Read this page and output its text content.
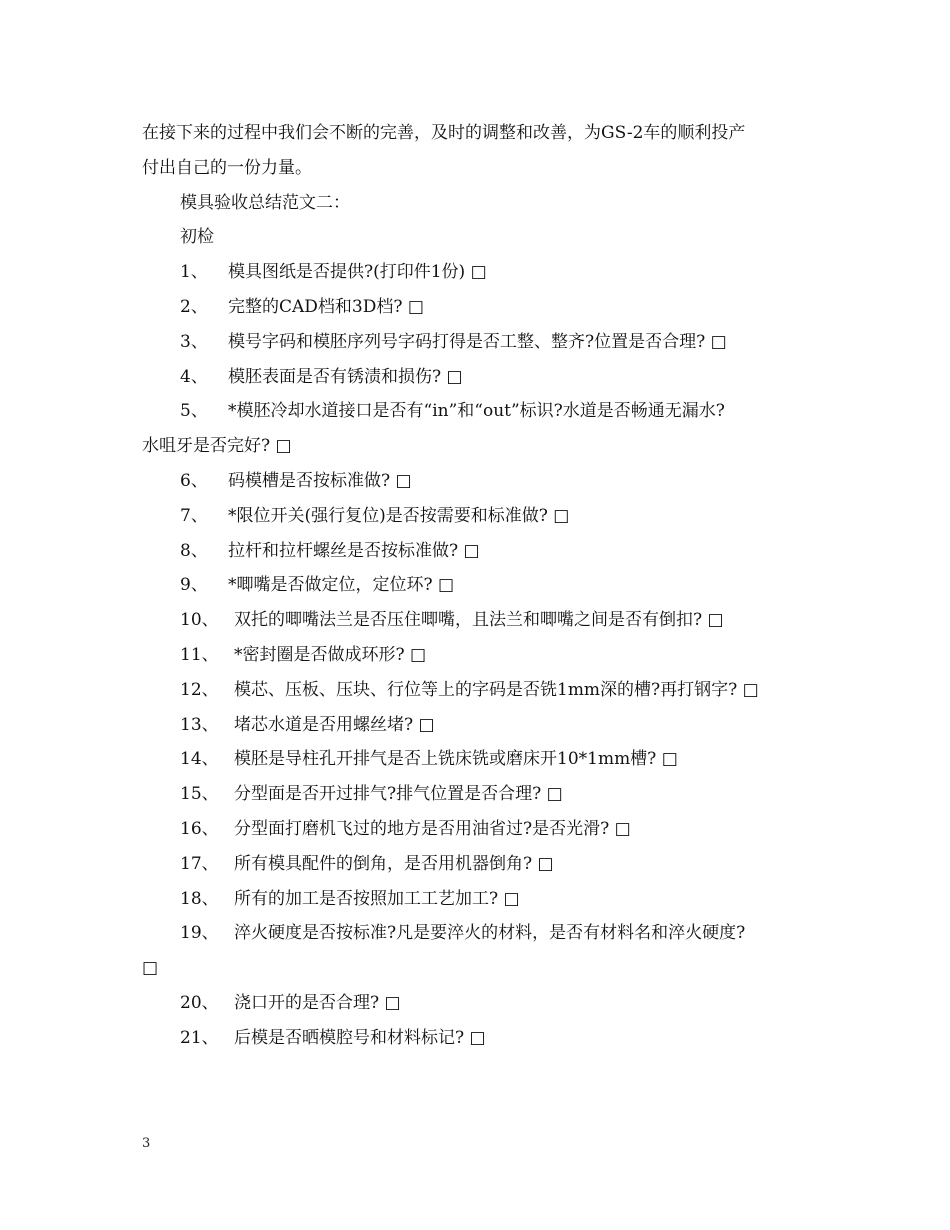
在接下来的过程中我们会不断的完善，及时的调整和改善，为GS-2车的顺利投产
付出自己的一份力量。
模具验收总结范文二：
初检
1、 模具图纸是否提供?(打印件1份) □
2、 完整的CAD档和3D档? □
3、 模号字码和模胚序列号字码打得是否工整、整齐?位置是否合理? □
4、 模胚表面是否有锈渍和损伤? □
5、 *模胚冷却水道接口是否有“in”和“out”标识?水道是否畅通无漏水?
水咀牙是否完好? □
6、 码模槽是否按标准做? □
7、 *限位开关(强行复位)是否按需要和标准做? □
8、 拉杆和拉杆螺丝是否按标准做? □
9、 *唧嘴是否做定位，定位环? □
10、 双托的唧嘴法兰是否压住唧嘴，且法兰和唧嘴之间是否有倒扣? □
11、 *密封圈是否做成环形? □
12、 模芯、压板、压块、行位等上的字码是否铣1mm深的槽?再打钢字? □
13、 堵芯水道是否用螺丝堵? □
14、 模胚是导柱孔开排气是否上铣床铣或磨床开10*1mm槽? □
15、 分型面是否开过排气?排气位置是否合理? □
16、 分型面打磨机飞过的地方是否用油省过?是否光滑? □
17、 所有模具配件的倒角，是否用机器倒角? □
18、 所有的加工是否按照加工工艺加工? □
19、 淬火硬度是否按标准?凡是要淬火的材料，是否有材料名和淬火硬度?
□
20、 浇口开的是否合理? □
21、 后模是否晒模腔号和材料标记? □
3
